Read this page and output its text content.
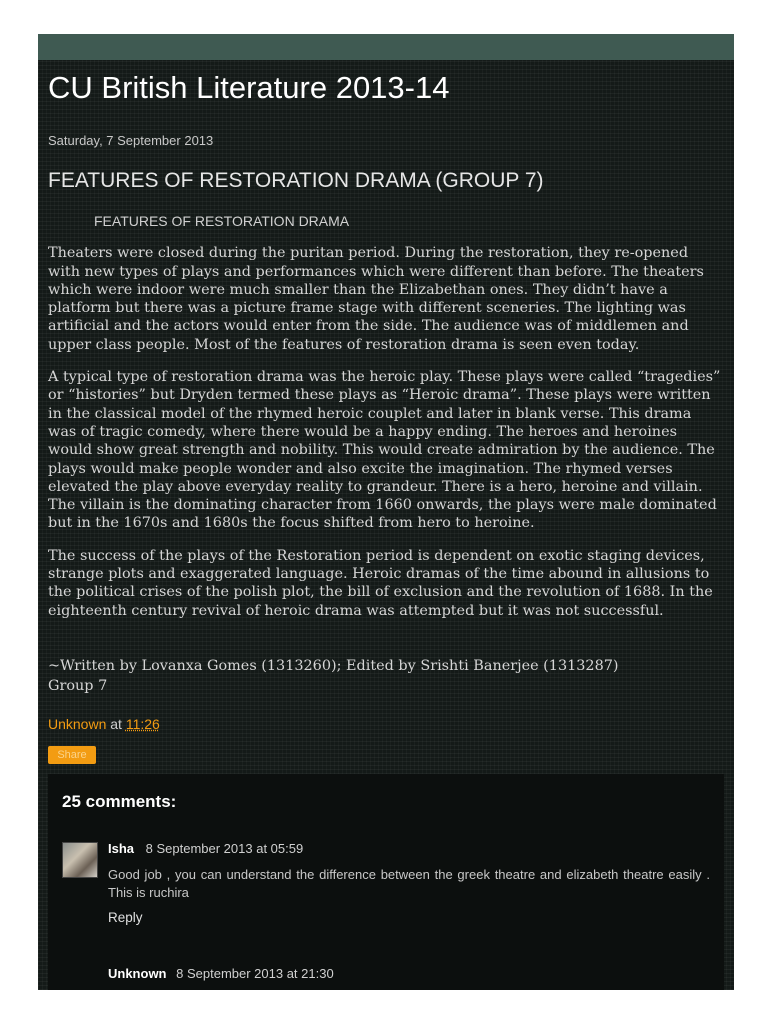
CU British Literature 2013-14
Saturday, 7 September 2013
FEATURES OF RESTORATION DRAMA (GROUP 7)

FEATURES OF RESTORATION DRAMA

Theaters were closed during the puritan period. During the restoration, they re-opened with new types of plays and performances which were different than before. The theaters which were indoor were much smaller than the Elizabethan ones. They didn’t have a platform but there was a picture frame stage with different sceneries. The lighting was artificial and the actors would enter from the side. The audience was of middlemen and upper class people. Most of the features of restoration drama is seen even today.

A typical type of restoration drama was the heroic play. These plays were called “tragedies” or “histories” but Dryden termed these plays as “Heroic drama”. These plays were written in the classical model of the rhymed heroic couplet and later in blank verse. This drama was of tragic comedy, where there would be a happy ending. The heroes and heroines would show great strength and nobility. This would create admiration by the audience. The plays would make people wonder and also excite the imagination. The rhymed verses elevated the play above everyday reality to grandeur. There is a hero, heroine and villain. The villain is the dominating character from 1660 onwards, the plays were male dominated but in the 1670s and 1680s the focus shifted from hero to heroine.

The success of the plays of the Restoration period is dependent on exotic staging devices, strange plots and exaggerated language. Heroic dramas of the time abound in allusions to the political crises of the polish plot, the bill of exclusion and the revolution of 1688. In the eighteenth century revival of heroic drama was attempted but it was not successful.

~Written by Lovanxa Gomes (1313260); Edited by Srishti Banerjee (1313287)
Group 7
Unknown at 11:26
Share
25 comments:
Isha 8 September 2013 at 05:59
Good job , you can understand the difference between the greek theatre and elizabeth theatre easily . This is ruchira
Reply
Unknown 8 September 2013 at 21:30
